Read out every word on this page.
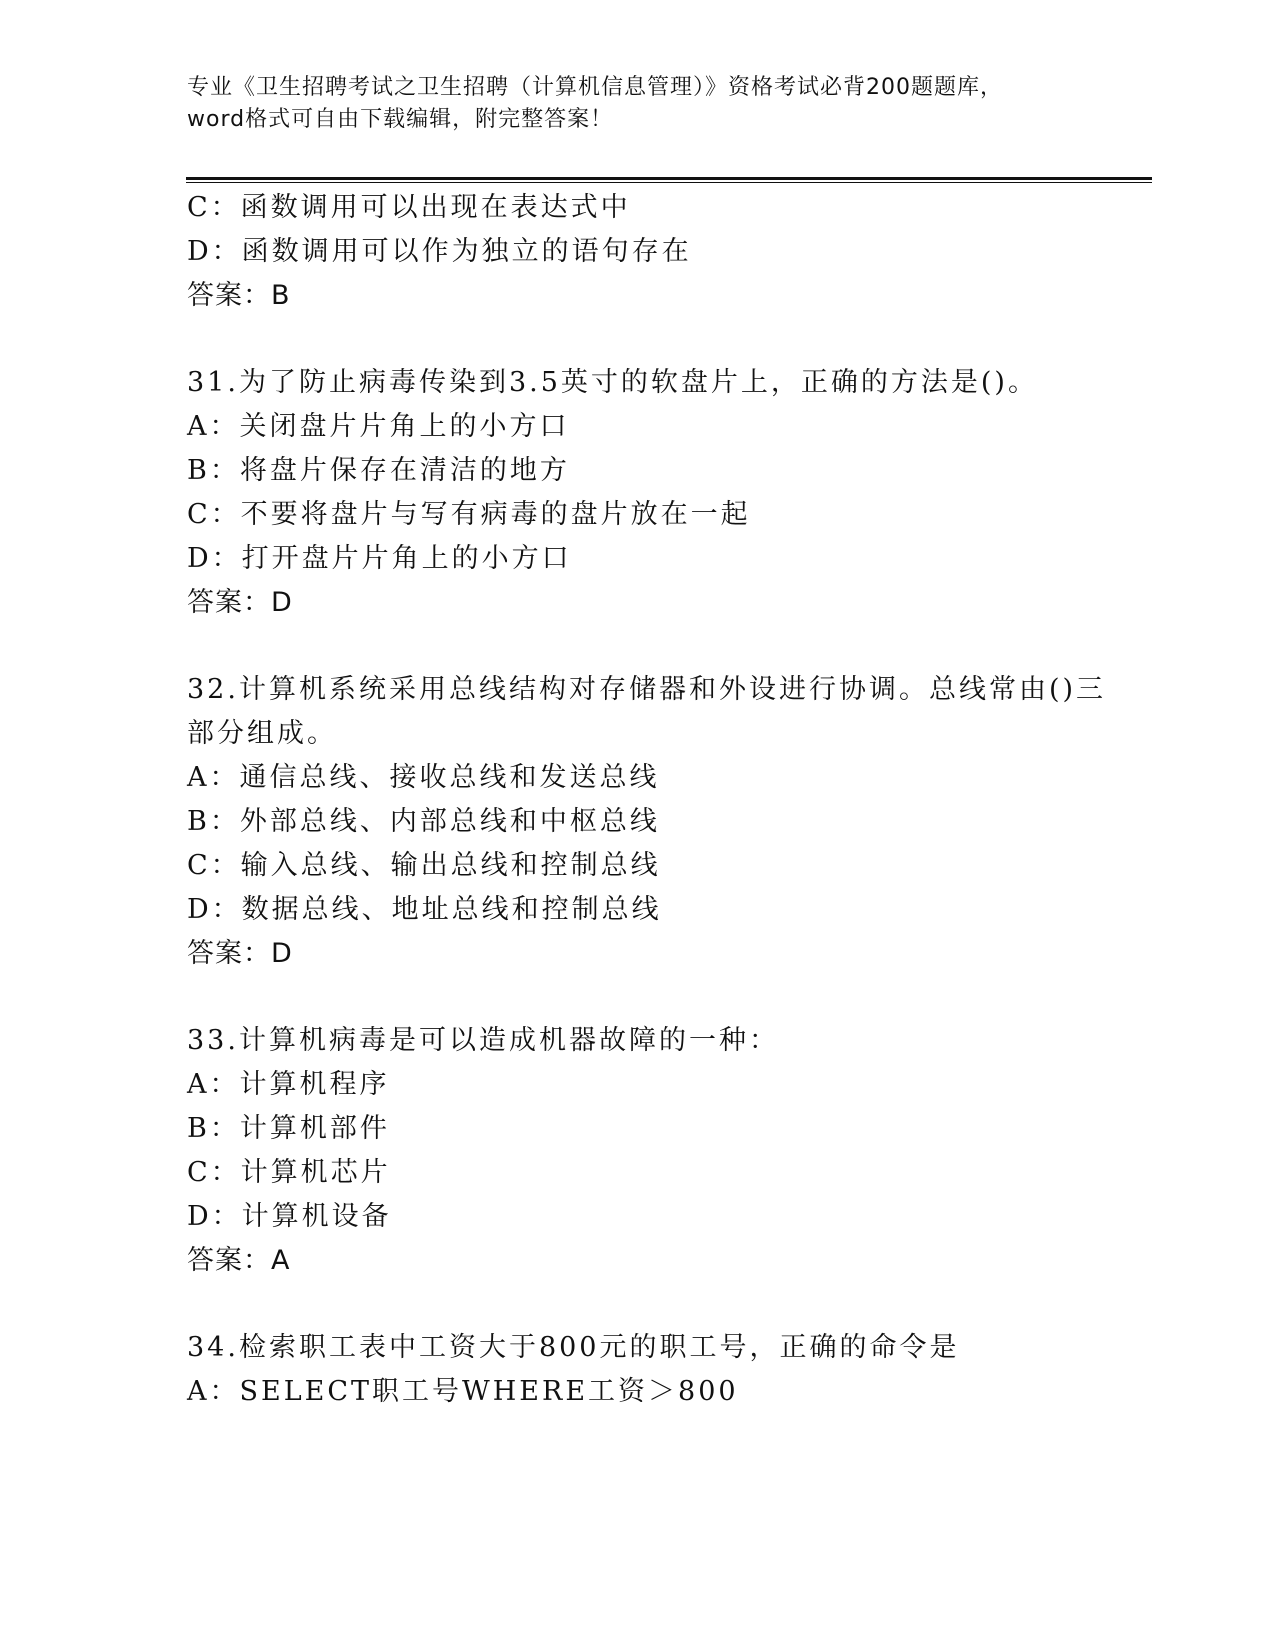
专业《卫生招聘考试之卫生招聘（计算机信息管理）》资格考试必背200题题库，

word格式可自由下载编辑，附完整答案！

C：函数调用可以出现在表达式中

D：函数调用可以作为独立的语句存在

答案：B

31.为了防止病毒传染到3.5英寸的软盘片上，正确的方法是()。

A：关闭盘片片角上的小方口

B：将盘片保存在清洁的地方

C：不要将盘片与写有病毒的盘片放在一起

D：打开盘片片角上的小方口

答案：D

32.计算机系统采用总线结构对存储器和外设进行协调。总线常由()三

部分组成。

A：通信总线、接收总线和发送总线

B：外部总线、内部总线和中枢总线

C：输入总线、输出总线和控制总线

D：数据总线、地址总线和控制总线

答案：D

33.计算机病毒是可以造成机器故障的一种：

A：计算机程序

B：计算机部件

C：计算机芯片

D：计算机设备

答案：A

34.检索职工表中工资大于800元的职工号，正确的命令是

A：SELECT职工号WHERE工资＞800
